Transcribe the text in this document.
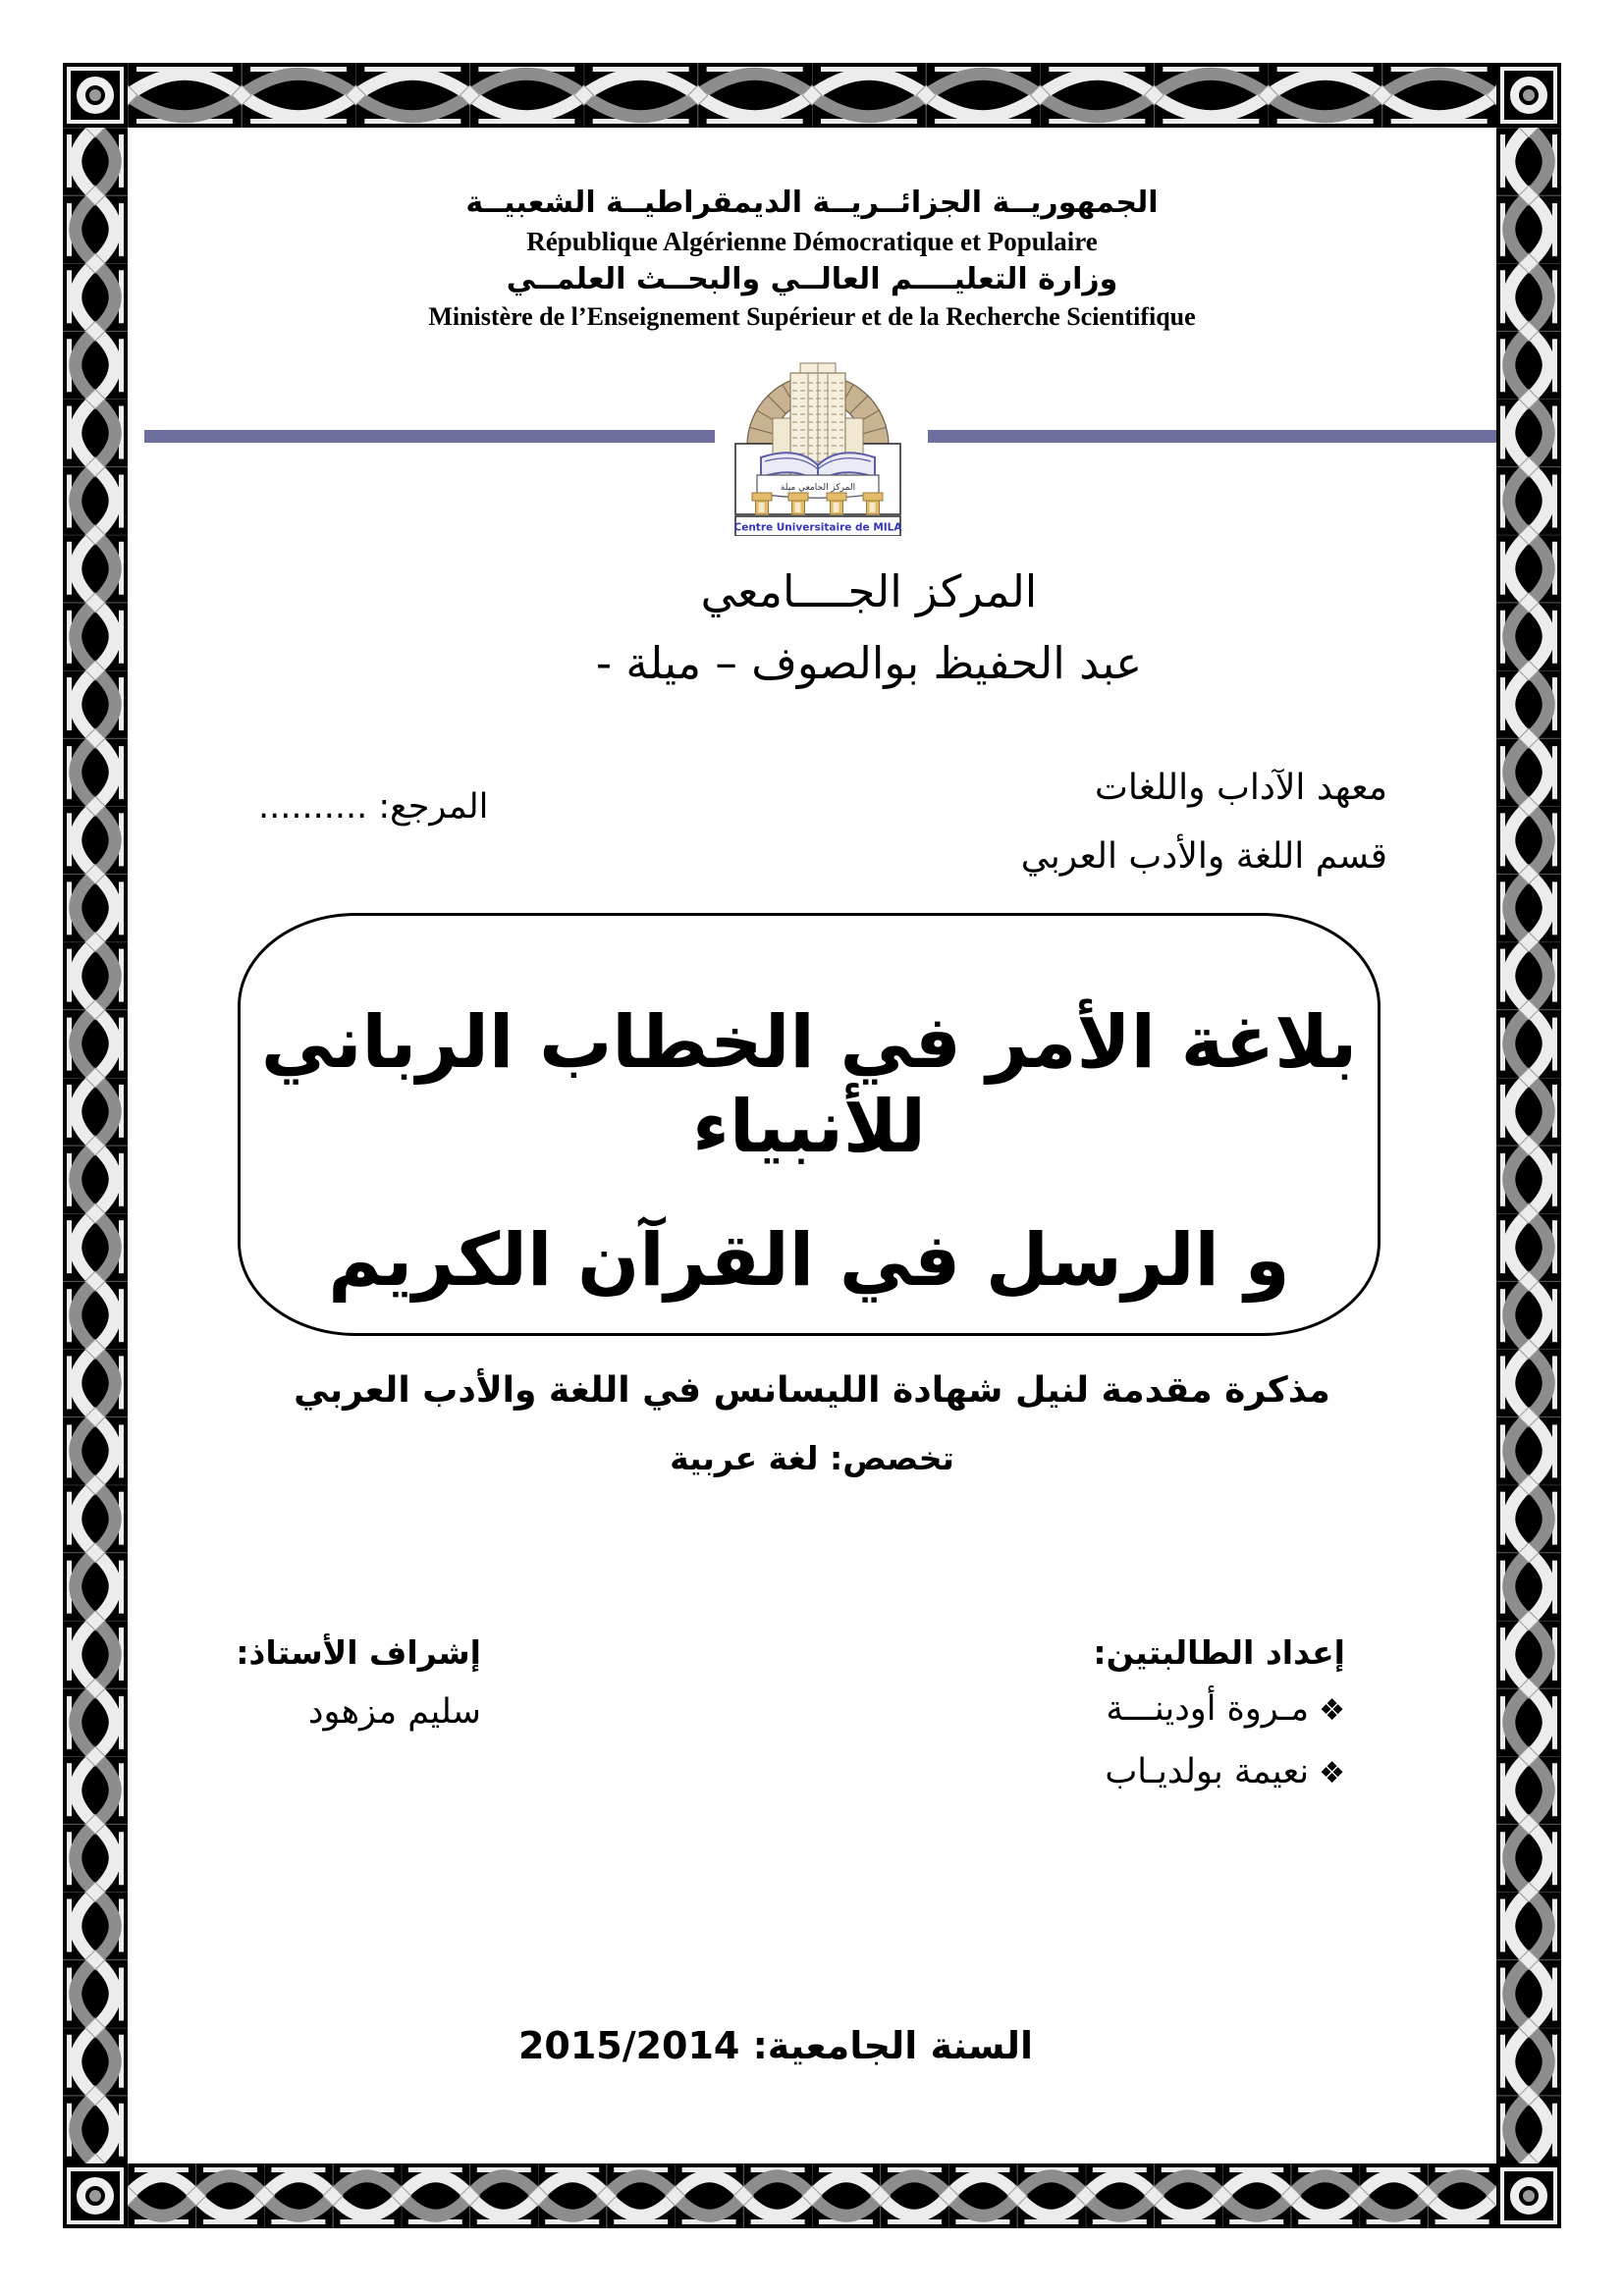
الجمهوريــة الجزائــريــة الديمقراطيــة الشعبيــة
République Algérienne Démocratique et Populaire
وزارة التعليــــم العالــي والبحــث العلمــي
Ministère de l’Enseignement Supérieur et de la Recherche Scientifique
المركز الجامعي ميلة
Centre Universitaire de MILA
المركز الجــــامعي
عبد الحفيظ بوالصوف – ميلة -
معهد الآداب واللغات
قسم اللغة والأدب العربي
المرجع: ..........
بلاغة الأمر في الخطاب الرباني للأنبياء
و الرسل في القرآن الكريم
مذكرة مقدمة لنيل شهادة الليسانس في اللغة والأدب العربي
تخصص: لغة عربية
إعداد الطالبتين:
❖مـروة أودينـــة
❖نعيمة بولديـاب
إشراف الأستاذ:
سليم مزهود
السنة الجامعية: 2015/2014
